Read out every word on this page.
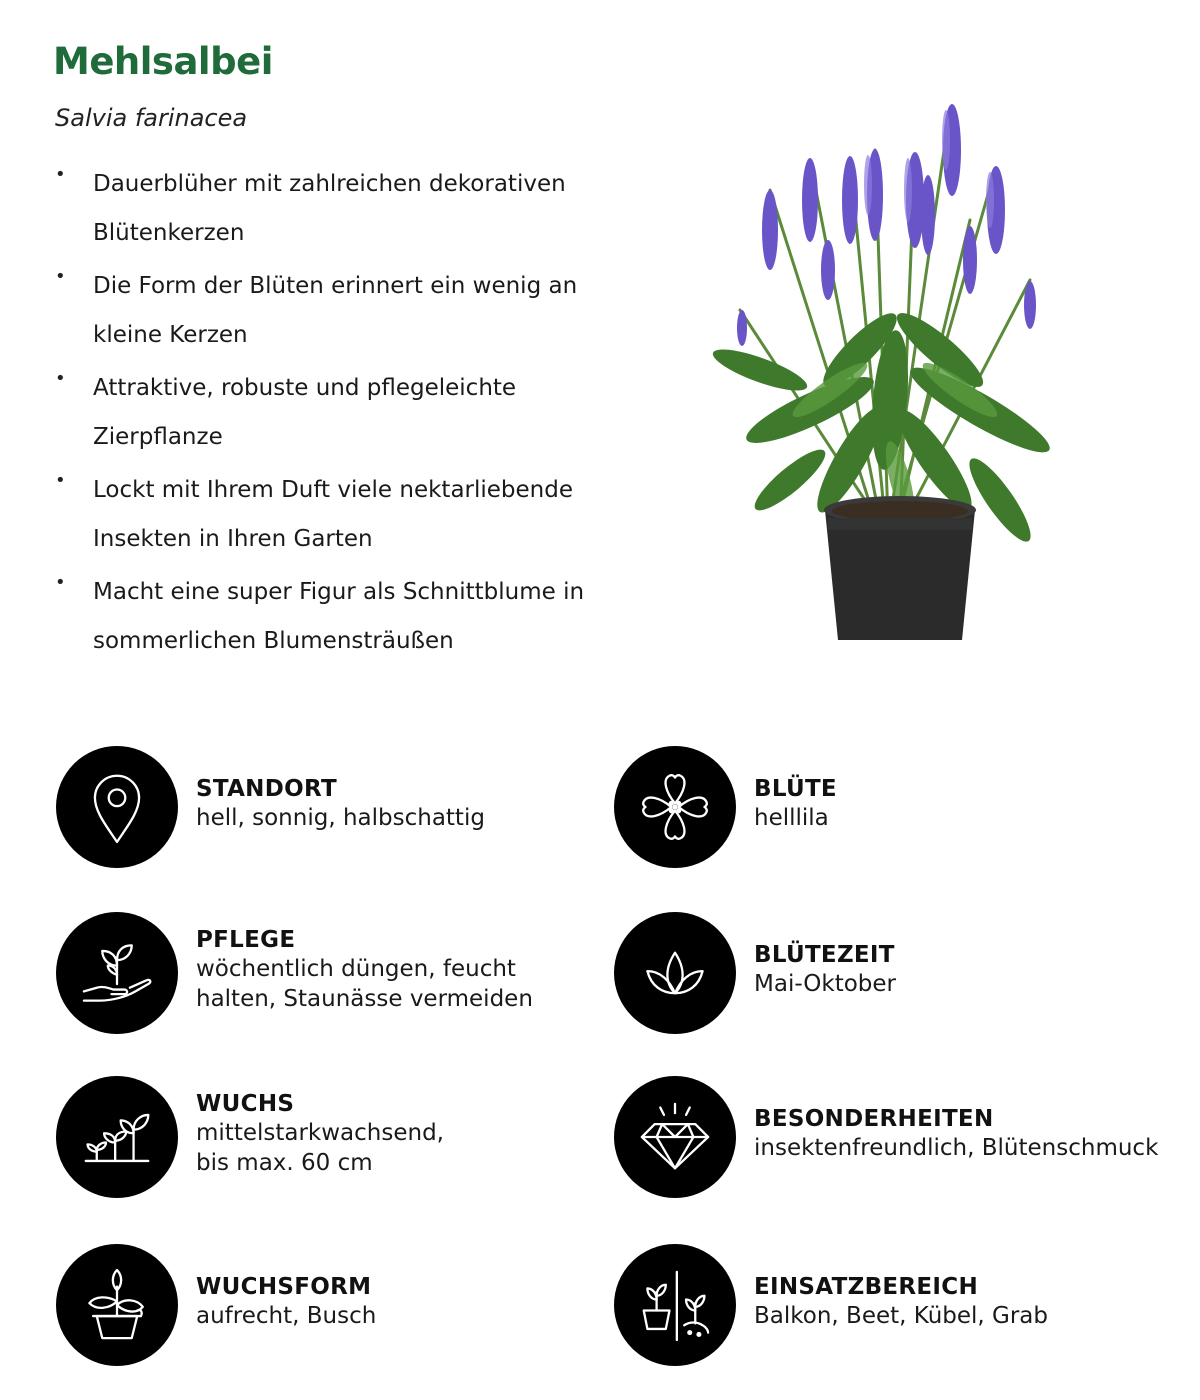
Mehlsalbei
Salvia farinacea
• Dauerblüher mit zahlreichen dekorativen Blütenkerzen
• Die Form der Blüten erinnert ein wenig an kleine Kerzen
• Attraktive, robuste und pflegeleichte Zierpflanze
• Lockt mit Ihrem Duft viele nektarliebende Insekten in Ihren Garten
• Macht eine super Figur als Schnittblume in sommerlichen Blumensträußen
STANDORT
hell, sonnig, halbschattig
BLÜTE
helllila
PFLEGE
wöchentlich düngen, feucht
halten, Staunässe vermeiden
BLÜTEZEIT
Mai-Oktober
WUCHS
mittelstarkwachsend,
bis max. 60 cm
BESONDERHEITEN
insektenfreundlich, Blütenschmuck
WUCHSFORM
aufrecht, Busch
EINSATZBEREICH
Balkon, Beet, Kübel, Grab
